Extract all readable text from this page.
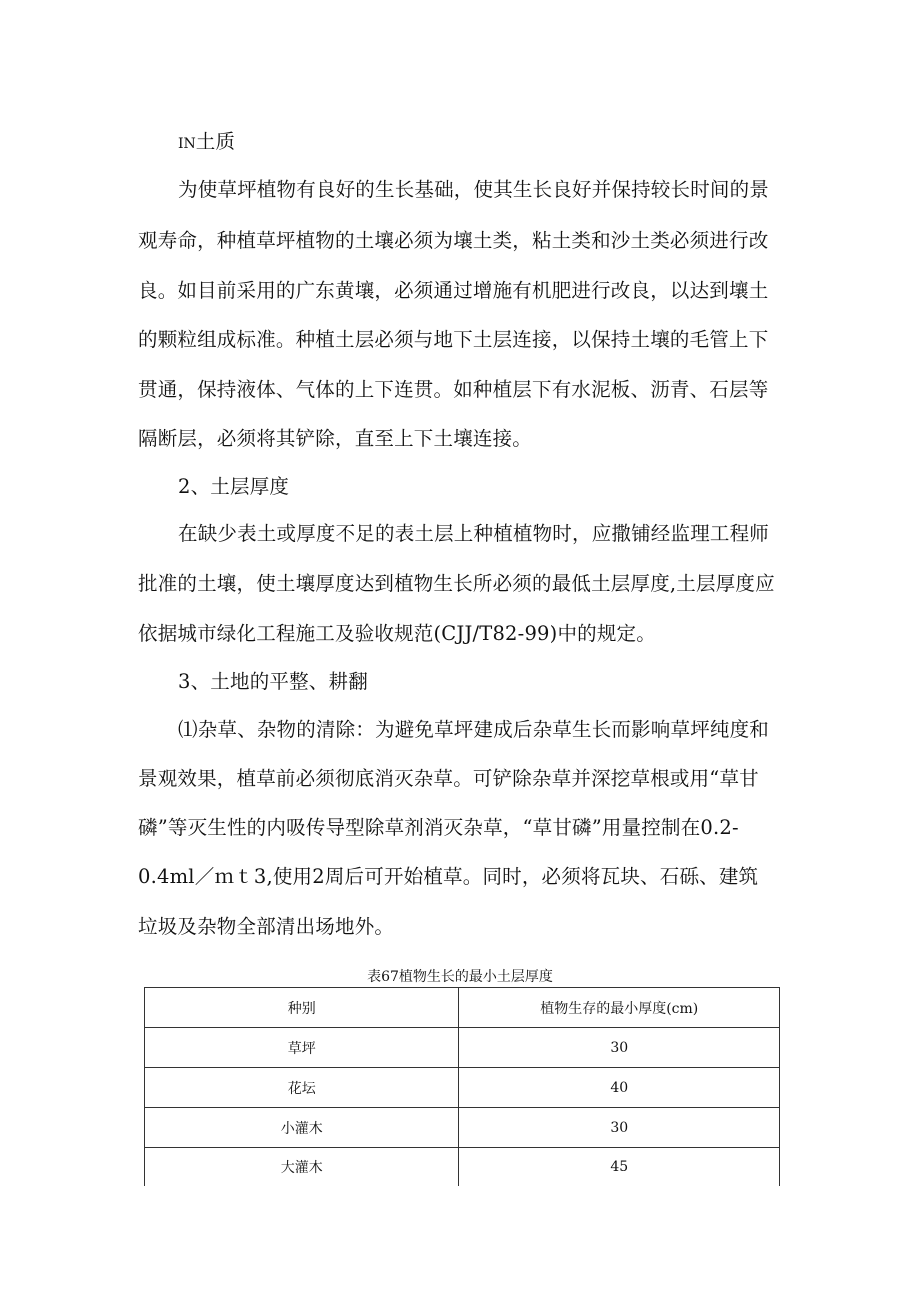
IN土质
为使草坪植物有良好的生长基础，使其生长良好并保持较长时间的景
观寿命，种植草坪植物的土壤必须为壤土类，粘土类和沙土类必须进行改
良。如目前采用的广东黄壤，必须通过增施有机肥进行改良，以达到壤土
的颗粒组成标准。种植土层必须与地下土层连接，以保持土壤的毛管上下
贯通，保持液体、气体的上下连贯。如种植层下有水泥板、沥青、石层等
隔断层，必须将其铲除，直至上下土壤连接。
2、土层厚度
在缺少表土或厚度不足的表土层上种植植物时，应撒铺经监理工程师
批准的土壤，使土壤厚度达到植物生长所必须的最低土层厚度,土层厚度应
依据城市绿化工程施工及验收规范(CJJ/T82-99)中的规定。
3、土地的平整、耕翻
⑴杂草、杂物的清除：为避免草坪建成后杂草生长而影响草坪纯度和
景观效果，植草前必须彻底消灭杂草。可铲除杂草并深挖草根或用“草甘
磷”等灭生性的内吸传导型除草剂消灭杂草，“草甘磷”用量控制在0.2-
0.4ml／ｍｔ3,使用2周后可开始植草。同时，必须将瓦块、石砾、建筑
垃圾及杂物全部清出场地外。
表67植物生长的最小土层厚度
种别	植物生存的最小厚度(cm)
草坪	30
花坛	40
小灌木	30
大灌木	45
